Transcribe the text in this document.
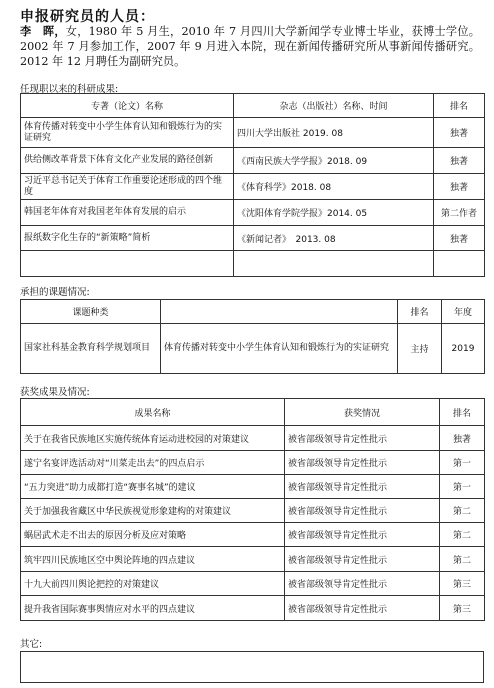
申报研究员的人员：
李　晖，女，1980 年 5 月生，2010 年 7 月四川大学新闻学专业博士毕业，获博士学位。2002 年 7 月参加工作，2007 年 9 月进入本院，现在新闻传播研究所从事新闻传播研究。2012 年 12 月聘任为副研究员。
任现职以来的科研成果:
专著（论文）名称	杂志（出版社）名称、时间	排名
体育传播对转变中小学生体育认知和锻炼行为的实证研究	四川大学出版社 2019. 08	独著
供给侧改革背景下体育文化产业发展的路径创新	《西南民族大学学报》2018. 09	独著
习近平总书记关于体育工作重要论述形成的四个维度	《体育科学》2018. 08	独著
韩国老年体育对我国老年体育发展的启示	《沈阳体育学院学报》2014. 05	第二作者
报纸数字化生存的“新策略”简析	《新闻记者》　2013. 08	独著

承担的课题情况:
课题种类		排名	年度
国家社科基金教育科学规划项目	体育传播对转变中小学生体育认知和锻炼行为的实证研究	主持	2019
获奖成果及情况:
成果名称	获奖情况	排名
关于在我省民族地区实施传统体育运动进校园的对策建议	被省部级领导肯定性批示	独著
遂宁名宴评选活动对“川菜走出去”的四点启示	被省部级领导肯定性批示	第一
“五力突进”助力成都打造“赛事名城”的建议	被省部级领导肯定性批示	第一
关于加强我省藏区中华民族视觉形象建构的对策建议	被省部级领导肯定性批示	第二
蜗居武术走不出去的原因分析及应对策略	被省部级领导肯定性批示	第二
筑牢四川民族地区空中舆论阵地的四点建议	被省部级领导肯定性批示	第二
十九大前四川舆论把控的对策建议	被省部级领导肯定性批示	第三
提升我省国际赛事舆情应对水平的四点建议	被省部级领导肯定性批示	第三
其它:
